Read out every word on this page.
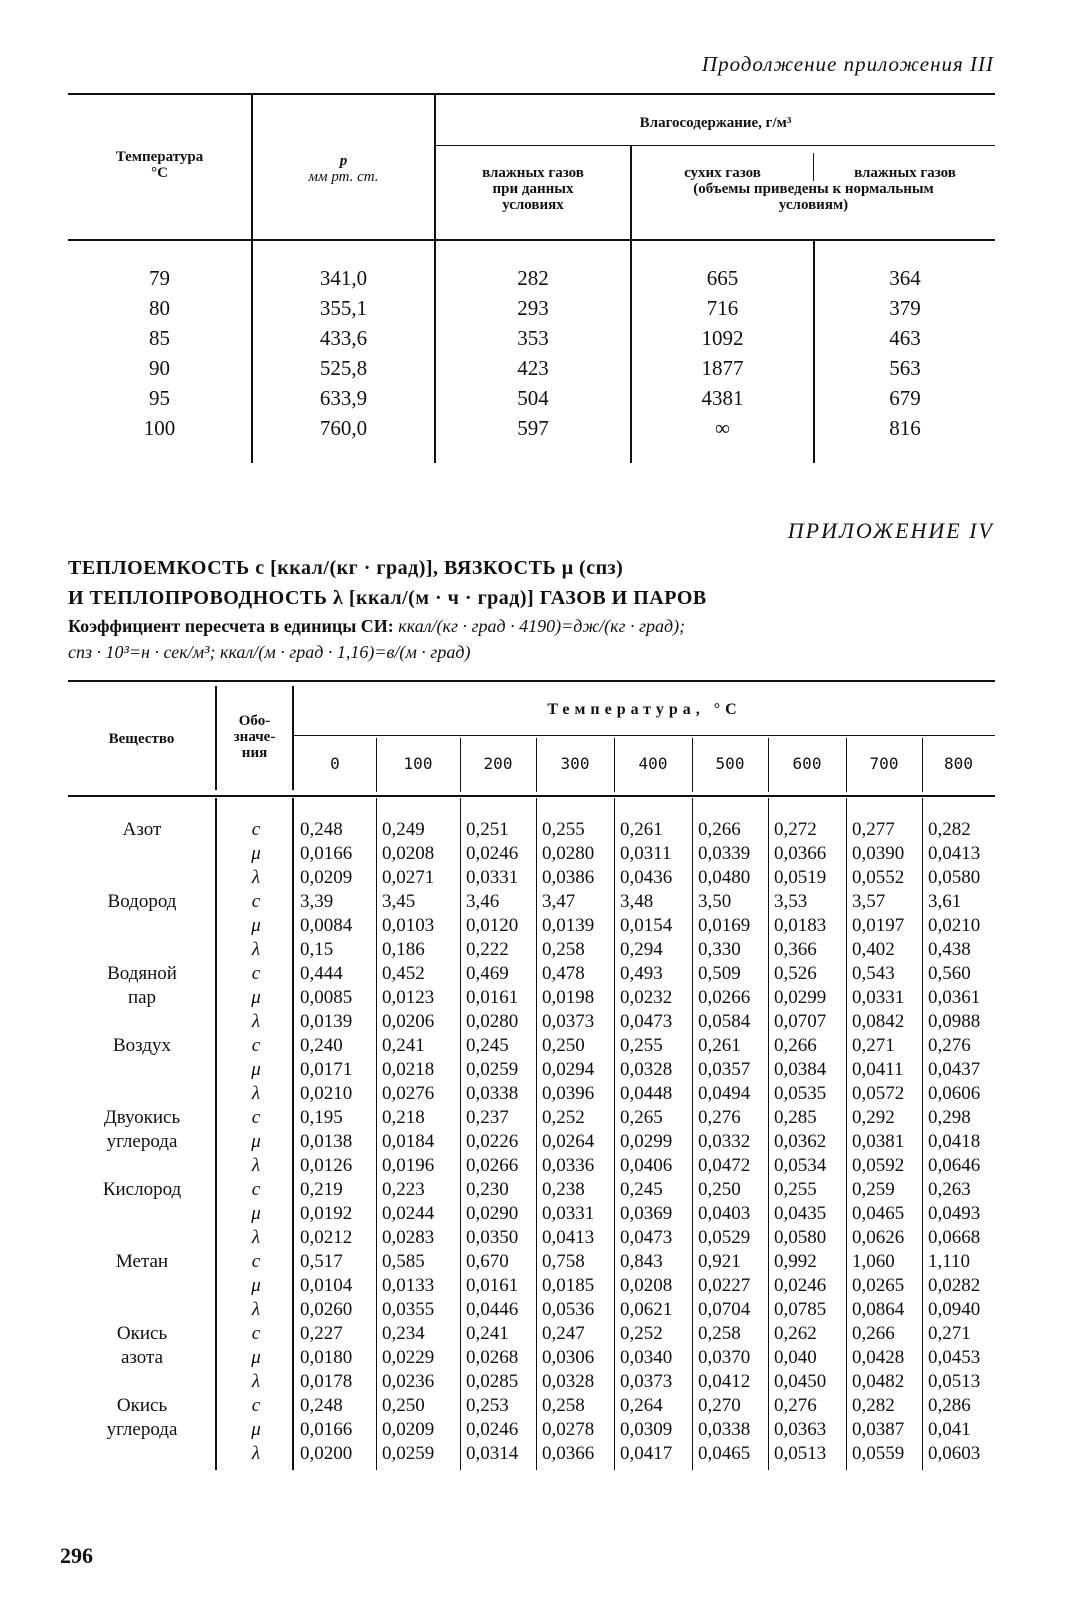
Продолжение приложения III
Температура
°C
p
мм рт. ст.
Влагосодержание, г/м³
влажных газов
при данных
условиях
сухих газов	влажных газов
(объемы приведены к нормальным
условиям)
79	341,0	282	665	364
80	355,1	293	716	379
85	433,6	353	1092	463
90	525,8	423	1877	563
95	633,9	504	4381	679
100	760,0	597	∞	816
ПРИЛОЖЕНИЕ IV
ТЕПЛОЕМКОСТЬ c [ккал/(кг · град)], ВЯЗКОСТЬ μ (спз)
И ТЕПЛОПРОВОДНОСТЬ λ [ккал/(м · ч · град)] ГАЗОВ И ПАРОВ
Коэффициент пересчета в единицы СИ: ккал/(кг · град · 4190)=дж/(кг · град);
спз · 10³=н · сек/м³; ккал/(м · град · 1,16)=в/(м · град)
Вещество
Обо-
значе-
ния
Температура, °C
0	100	200	300	400	500	600	700	800
Азот	c	0,248 0,249 0,251 0,255 0,261 0,266 0,272 0,277 0,282
μ	0,0166 0,0208 0,0246 0,0280 0,0311 0,0339 0,0366 0,0390 0,0413
λ	0,0209 0,0271 0,0331 0,0386 0,0436 0,0480 0,0519 0,0552 0,0580
Водород	c	3,39	3,45	3,46 3,47 3,48 3,50 3,53 3,57 3,61
μ	0,0084 0,0103 0,0120 0,0139 0,0154 0,0169 0,0183 0,0197 0,0210
λ	0,15	0,186 0,222 0,258 0,294 0,330 0,366 0,402 0,438
Водяной
пар
c	0,444 0,452 0,469 0,478 0,493 0,509 0,526 0,543 0,560
μ	0,0085 0,0123 0,0161 0,0198 0,0232 0,0266 0,0299 0,0331 0,0361
λ	0,0139 0,0206 0,0280 0,0373 0,0473 0,0584 0,0707 0,0842 0,0988
Воздух	c	0,240 0,241 0,245 0,250 0,255 0,261 0,266 0,271 0,276
μ	0,0171 0,0218 0,0259 0,0294 0,0328 0,0357 0,0384 0,0411 0,0437
λ	0,0210 0,0276 0,0338 0,0396 0,0448 0,0494 0,0535 0,0572 0,0606
Двуокись
углерода
c	0,195 0,218 0,237 0,252 0,265 0,276 0,285 0,292 0,298
μ	0,0138 0,0184 0,0226 0,0264 0,0299 0,0332 0,0362 0,0381 0,0418
λ	0,0126 0,0196 0,0266 0,0336 0,0406 0,0472 0,0534 0,0592 0,0646
Кислород	c	0,219 0,223 0,230 0,238 0,245 0,250 0,255 0,259 0,263
μ	0,0192 0,0244 0,0290 0,0331 0,0369 0,0403 0,0435 0,0465 0,0493
λ	0,0212 0,0283 0,0350 0,0413 0,0473 0,0529 0,0580 0,0626 0,0668
Метан	c	0,517 0,585 0,670 0,758 0,843 0,921 0,992 1,060 1,110
μ	0,0104 0,0133 0,0161 0,0185 0,0208 0,0227 0,0246 0,0265 0,0282
λ	0,0260 0,0355 0,0446 0,0536 0,0621 0,0704 0,0785 0,0864 0,0940
Окись
азота
c	0,227 0,234 0,241 0,247 0,252 0,258 0,262 0,266 0,271
μ	0,0180 0,0229 0,0268 0,0306 0,0340 0,0370 0,040 0,0428 0,0453
λ	0,0178 0,0236 0,0285 0,0328 0,0373 0,0412 0,0450 0,0482 0,0513
Окись
углерода
c	0,248 0,250 0,253 0,258 0,264 0,270 0,276 0,282 0,286
μ	0,0166 0,0209 0,0246 0,0278 0,0309 0,0338 0,0363 0,0387 0,041
λ	0,0200 0,0259 0,0314 0,0366 0,0417 0,0465 0,0513 0,0559 0,0603
296
